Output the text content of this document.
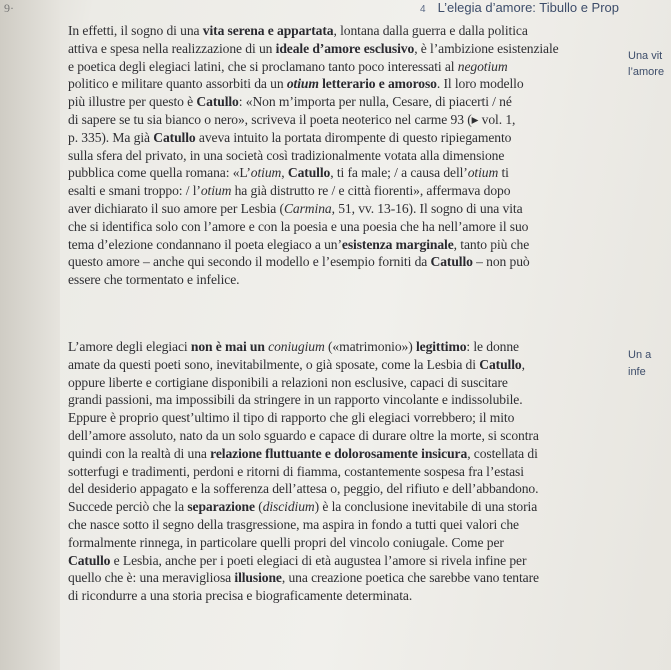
9·	4 L’elegia d’amore: Tibullo e Prop
Una vit
l’amore
Un a
infe
In effetti, il sogno di una vita serena e appartata, lontana dalla guerra e dalla politica
attiva e spesa nella realizzazione di un ideale d’amore esclusivo, è l’ambizione esistenziale
e poetica degli elegiaci latini, che si proclamano tanto poco interessati al negotium
politico e militare quanto assorbiti da un otium letterario e amoroso. Il loro modello
più illustre per questo è Catullo: «Non m’importa per nulla, Cesare, di piacerti / né
di sapere se tu sia bianco o nero», scriveva il poeta neoterico nel carme 93 (▸ vol. 1,
p. 335). Ma già Catullo aveva intuito la portata dirompente di questo ripiegamento
sulla sfera del privato, in una società così tradizionalmente votata alla dimensione
pubblica come quella romana: «L’otium, Catullo, ti fa male; / a causa dell’otium ti
esalti e smani troppo: / l’otium ha già distrutto re / e città fiorenti», affermava dopo
aver dichiarato il suo amore per Lesbia (Carmina, 51, vv. 13-16). Il sogno di una vita
che si identifica solo con l’amore e con la poesia e una poesia che ha nell’amore il suo
tema d’elezione condannano il poeta elegiaco a un’esistenza marginale, tanto più che
questo amore – anche qui secondo il modello e l’esempio forniti da Catullo – non può
essere che tormentato e infelice.
L’amore degli elegiaci non è mai un coniugium («matrimonio») legittimo: le donne
amate da questi poeti sono, inevitabilmente, o già sposate, come la Lesbia di Catullo,
oppure liberte e cortigiane disponibili a relazioni non esclusive, capaci di suscitare
grandi passioni, ma impossibili da stringere in un rapporto vincolante e indissolubile.
Eppure è proprio quest’ultimo il tipo di rapporto che gli elegiaci vorrebbero; il mito
dell’amore assoluto, nato da un solo sguardo e capace di durare oltre la morte, si scontra
quindi con la realtà di una relazione fluttuante e dolorosamente insicura, costellata di
sotterfugi e tradimenti, perdoni e ritorni di fiamma, costantemente sospesa fra l’estasi
del desiderio appagato e la sofferenza dell’attesa o, peggio, del rifiuto e dell’abbandono.
Succede perciò che la separazione (discidium) è la conclusione inevitabile di una storia
che nasce sotto il segno della trasgressione, ma aspira in fondo a tutti quei valori che
formalmente rinnega, in particolare quelli propri del vincolo coniugale. Come per
Catullo e Lesbia, anche per i poeti elegiaci di età augustea l’amore si rivela infine per
quello che è: una meravigliosa illusione, una creazione poetica che sarebbe vano tentare
di ricondurre a una storia precisa e biograficamente determinata.
